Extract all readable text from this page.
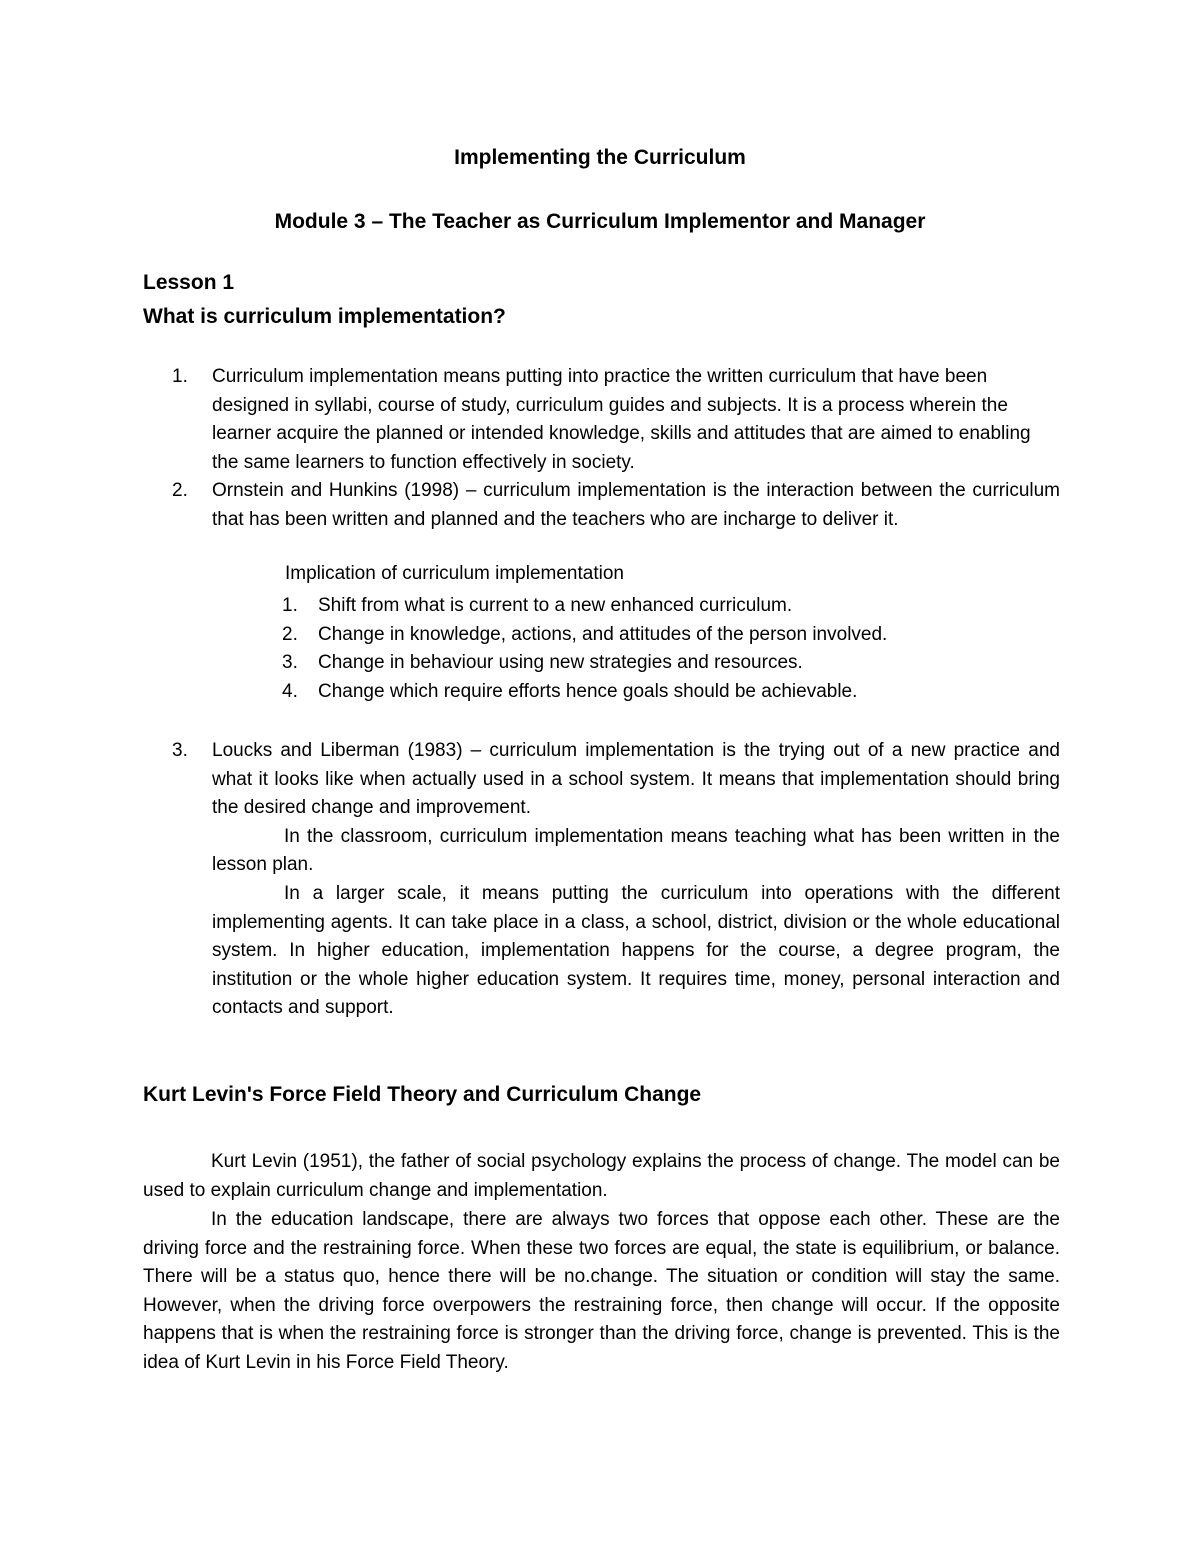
Implementing the Curriculum
Module 3 – The Teacher as Curriculum Implementor and Manager
Lesson 1
What is curriculum implementation?
1. Curriculum implementation means putting into practice the written curriculum that have been designed in syllabi, course of study, curriculum guides and subjects. It is a process wherein the learner acquire the planned or intended knowledge, skills and attitudes that are aimed to enabling the same learners to function effectively in society.
2. Ornstein and Hunkins (1998) – curriculum implementation is the interaction between the curriculum that has been written and planned and the teachers who are incharge to deliver it.
Implication of curriculum implementation
1. Shift from what is current to a new enhanced curriculum.
2. Change in knowledge, actions, and attitudes of the person involved.
3. Change in behaviour using new strategies and resources.
4. Change which require efforts hence goals should be achievable.
3. Loucks and Liberman (1983) – curriculum implementation is the trying out of a new practice and what it looks like when actually used in a school system. It means that implementation should bring the desired change and improvement.
In the classroom, curriculum implementation means teaching what has been written in the lesson plan.
In a larger scale, it means putting the curriculum into operations with the different implementing agents. It can take place in a class, a school, district, division or the whole educational system. In higher education, implementation happens for the course, a degree program, the institution or the whole higher education system. It requires time, money, personal interaction and contacts and support.
Kurt Levin's Force Field Theory and Curriculum Change

Kurt Levin (1951), the father of social psychology explains the process of change. The model can be used to explain curriculum change and implementation.

In the education landscape, there are always two forces that oppose each other. These are the driving force and the restraining force. When these two forces are equal, the state is equilibrium, or balance. There will be a status quo, hence there will be no.change. The situation or condition will stay the same. However, when the driving force overpowers the restraining force, then change will occur. If the opposite happens that is when the restraining force is stronger than the driving force, change is prevented. This is the idea of Kurt Levin in his Force Field Theory.
